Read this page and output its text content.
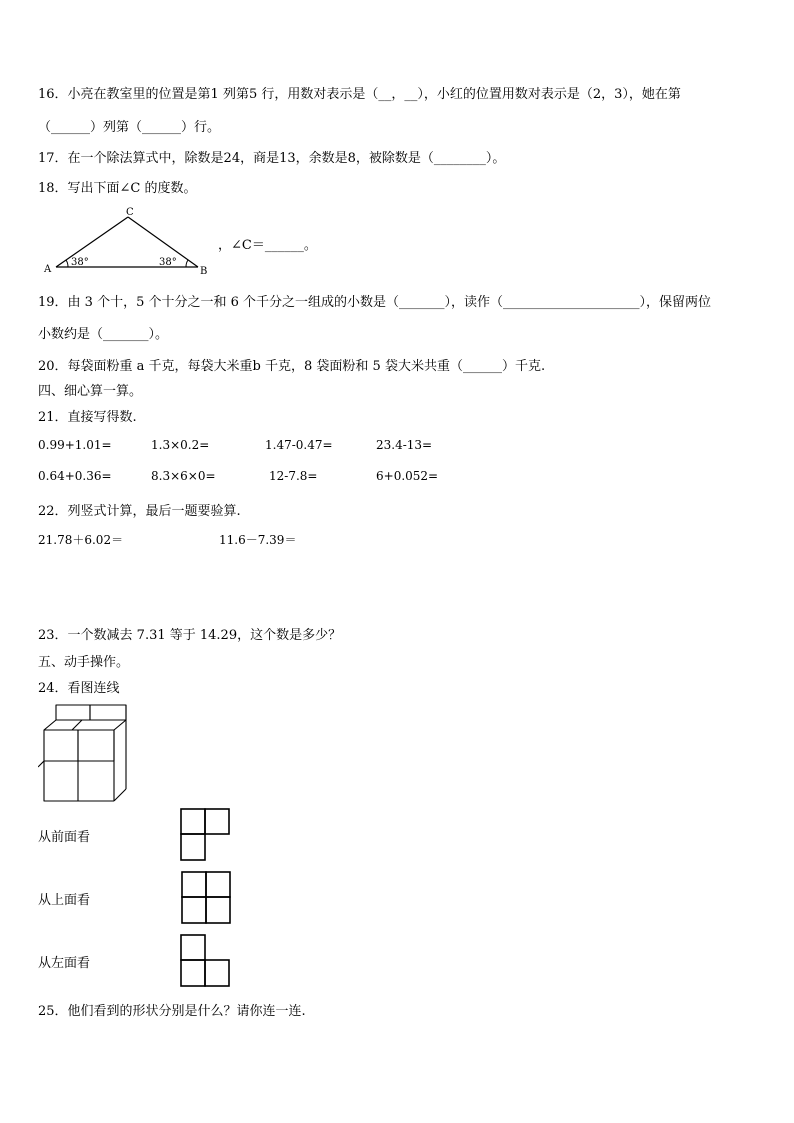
16．小亮在教室里的位置是第1 列第5 行，用数对表示是（__，__），小红的位置用数对表示是（2，3），她在第
（______）列第（______）行。
17．在一个除法算式中，除数是24，商是13，余数是8，被除数是（________）。
18．写出下面∠C 的度数。
C
A	B
38°	38°
，∠C＝______。
19．由 3 个十，5 个十分之一和 6 个千分之一组成的小数是（_______），读作（_____________________），保留两位
小数约是（_______）。
20．每袋面粉重 a 千克，每袋大米重b 千克，8 袋面粉和 5 袋大米共重（______）千克.
四、细心算一算。
21．直接写得数.
0.99+1.01=	1.3×0.2=	1.47-0.47=	23.4-13=
0.64+0.36=	8.3×6×0=	12-7.8=	6+0.052=
22．列竖式计算，最后一题要验算.
21.78＋6.02＝	11.6－7.39＝
23．一个数减去 7.31 等于 14.29，这个数是多少？
五、动手操作。
24．看图连线
从前面看
从上面看
从左面看
25．他们看到的形状分别是什么？请你连一连.
